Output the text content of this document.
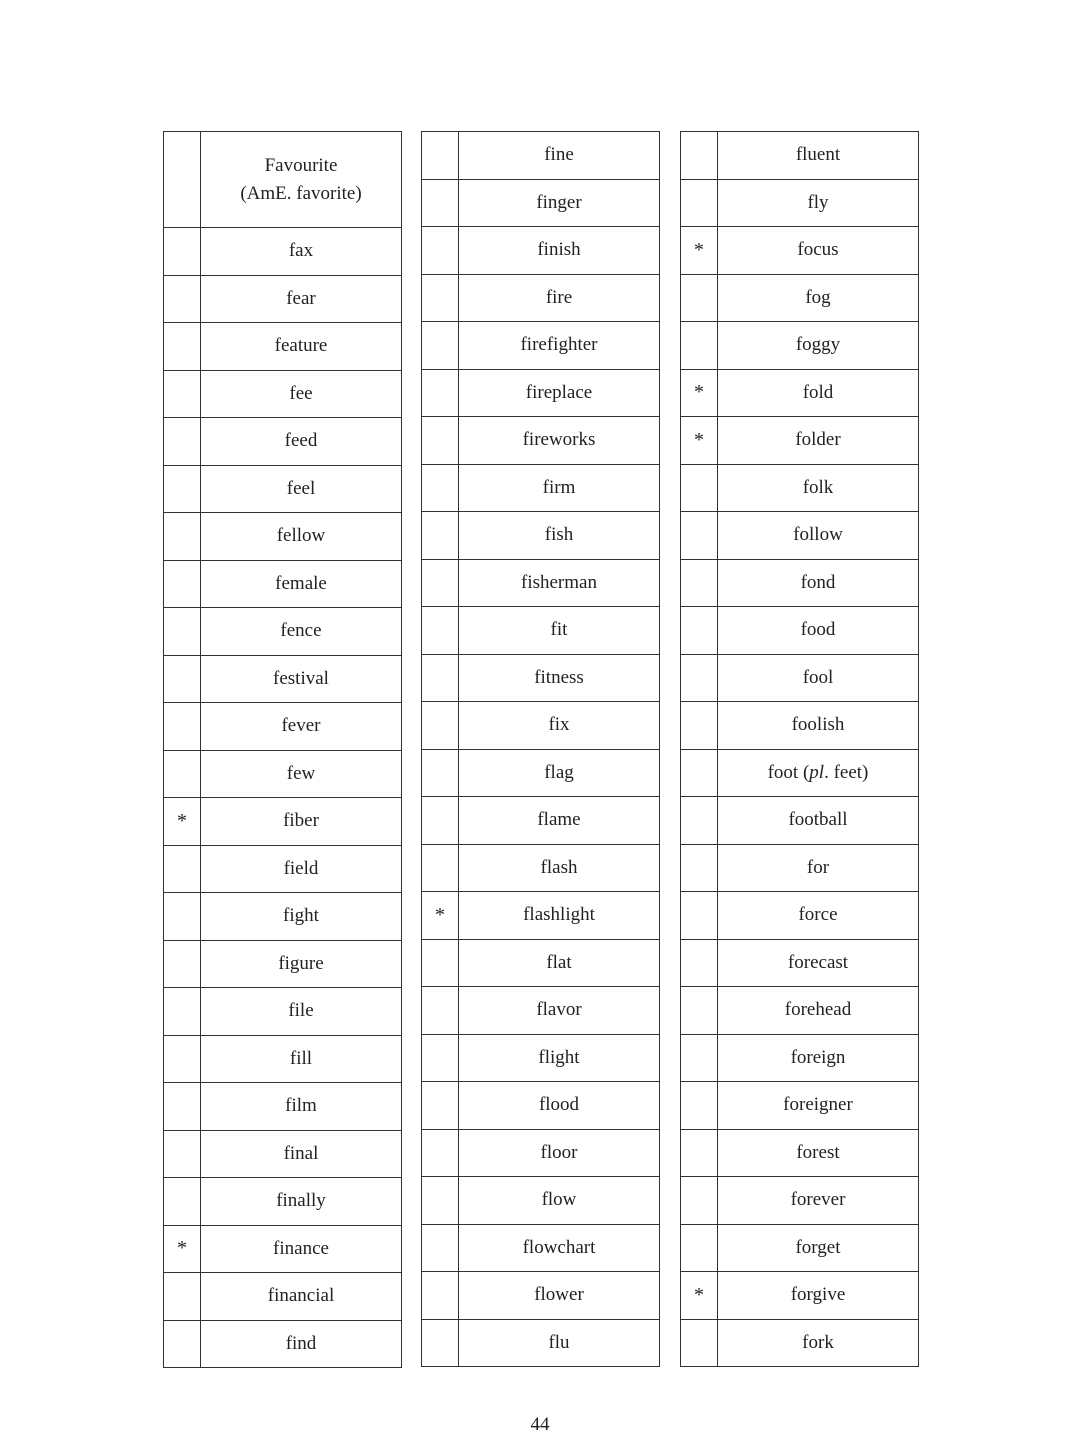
	Favourite
(AmE. favorite)
	fax
	fear
	feature
	fee
	feed
	feel
	fellow
	female
	fence
	festival
	fever
	few
*	fiber
	field
	fight
	figure
	file
	fill
	film
	final
	finally
*	finance
	financial
	find
	fine
	finger
	finish
	fire
	firefighter
	fireplace
	fireworks
	firm
	fish
	fisherman
	fit
	fitness
	fix
	flag
	flame
	flash
*	flashlight
	flat
	flavor
	flight
	flood
	floor
	flow
	flowchart
	flower
	flu
	fluent
	fly
*	focus
	fog
	foggy
*	fold
*	folder
	folk
	follow
	fond
	food
	fool
	foolish
	foot (pl. feet)
	football
	for
	force
	forecast
	forehead
	foreign
	foreigner
	forest
	forever
	forget
*	forgive
	fork
44
